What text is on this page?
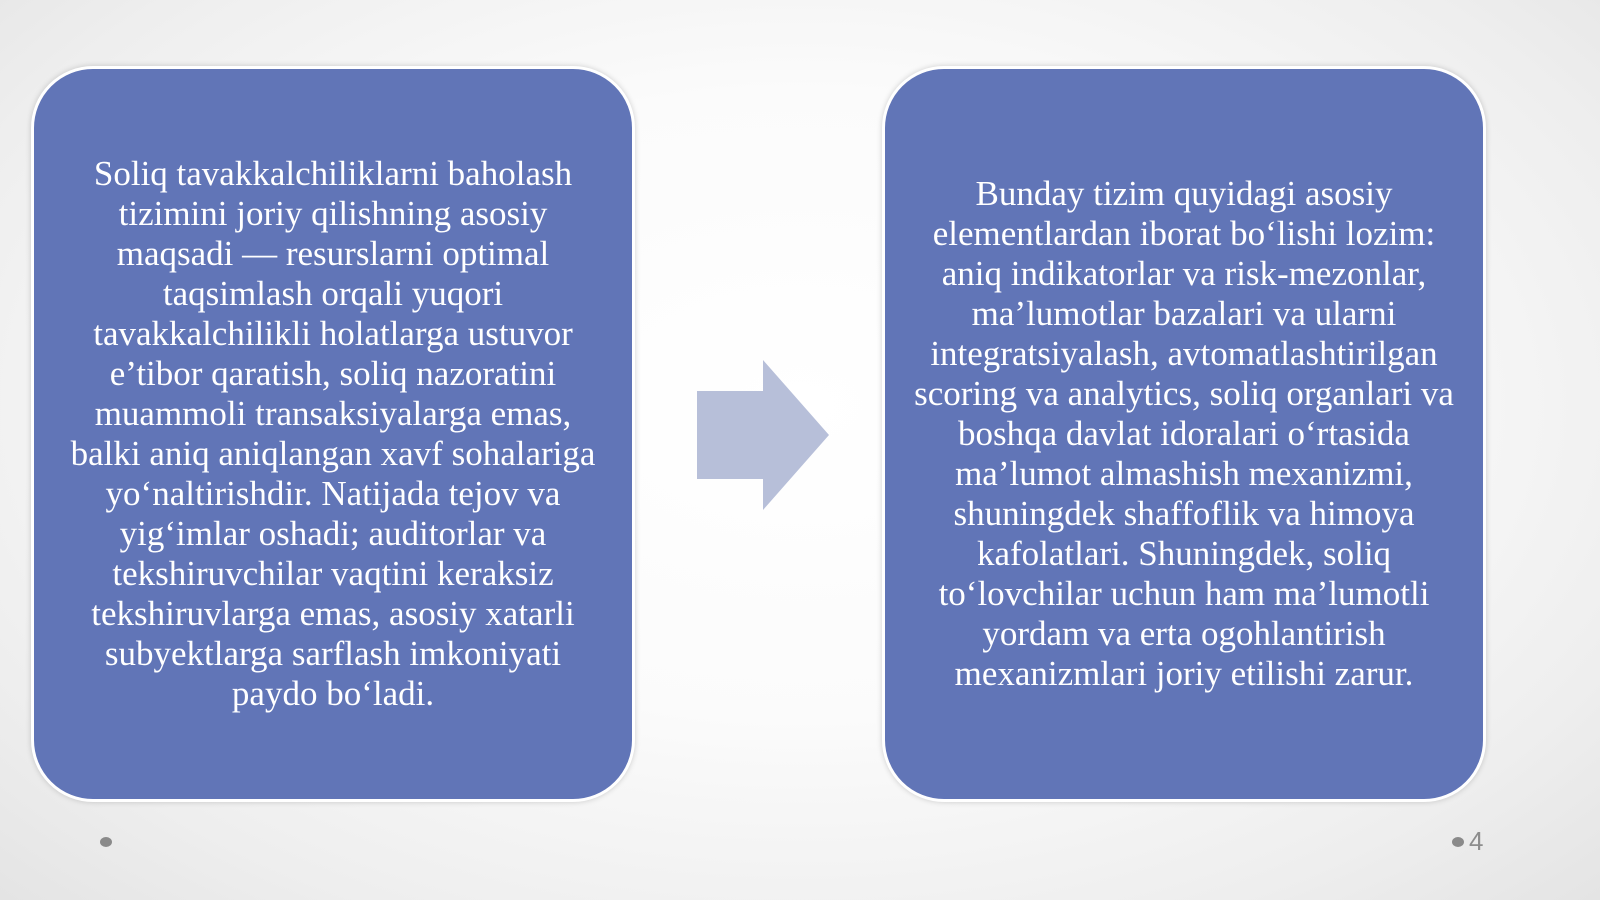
Soliq tavakkalchiliklarni baholash tizimini joriy qilishning asosiy maqsadi — resurslarni optimal taqsimlash orqali yuqori tavakkalchilikli holatlarga ustuvor e’tibor qaratish, soliq nazoratini muammoli transaksiyalarga emas, balki aniq aniqlangan xavf sohalariga yo‘naltirishdir. Natijada tejov va yig‘imlar oshadi; auditorlar va tekshiruvchilar vaqtini keraksiz tekshiruvlarga emas, asosiy xatarli subyektlarga sarflash imkoniyati paydo bo‘ladi.

Bunday tizim quyidagi asosiy elementlardan iborat bo‘lishi lozim: aniq indikatorlar va risk-mezonlar, ma’lumotlar bazalari va ularni integratsiyalash, avtomatlashtirilgan scoring va analytics, soliq organlari va boshqa davlat idoralari o‘rtasida ma’lumot almashish mexanizmi, shuningdek shaffoflik va himoya kafolatlari. Shuningdek, soliq to‘lovchilar uchun ham ma’lumotli yordam va erta ogohlantirish mexanizmlari joriy etilishi zarur.

4
